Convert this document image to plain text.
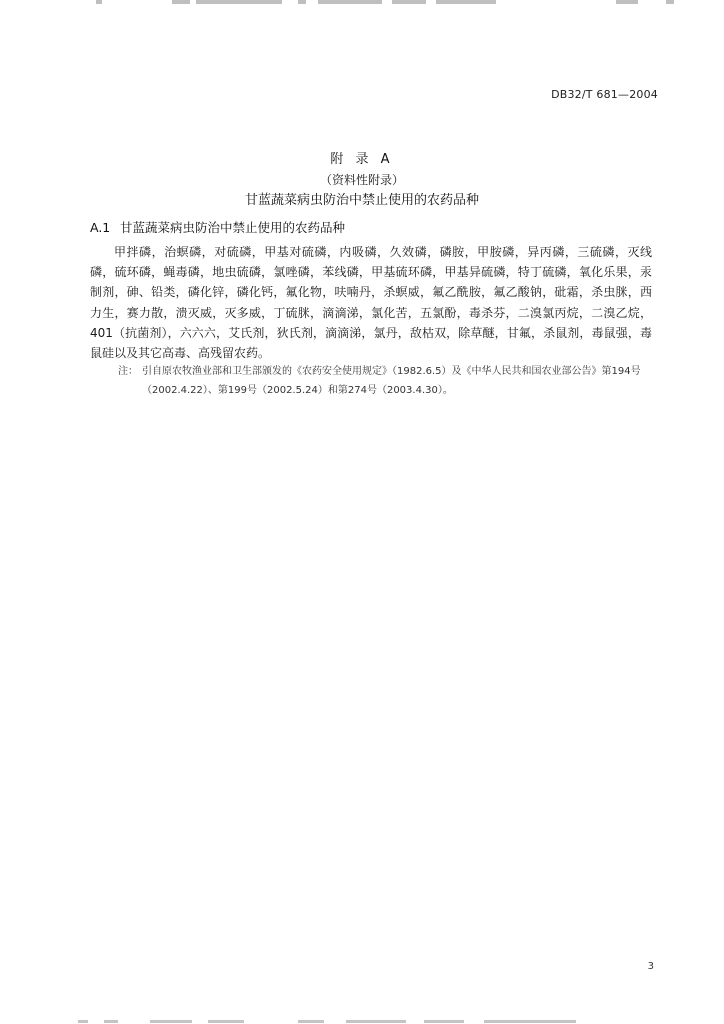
DB32/T 681—2004
附 录 A
（资料性附录）
甘蓝蔬菜病虫防治中禁止使用的农药品种
A.1 甘蓝蔬菜病虫防治中禁止使用的农药品种

甲拌磷，治螟磷，对硫磷，甲基对硫磷，内吸磷，久效磷，磷胺，甲胺磷，异丙磷，三硫磷，灭线磷，硫环磷，蝇毒磷，地虫硫磷，氯唑磷，苯线磷，甲基硫环磷，甲基异硫磷，特丁硫磷，氧化乐果，汞制剂，砷、铅类，磷化锌，磷化钙，氟化物，呋喃丹，杀螟威，氟乙酰胺，氟乙酸钠，砒霜，杀虫脒，西力生，赛力散，溃灭威，灭多威，丁硫脒，滴滴涕，氯化苦，五氯酚，毒杀芬，二溴氯丙烷，二溴乙烷，401（抗菌剂），六六六，艾氏剂，狄氏剂，滴滴涕，氯丹，敌枯双，除草醚，甘氟，杀鼠剂，毒鼠强，毒鼠硅以及其它高毒、高残留农药。

注： 引自原农牧渔业部和卫生部颁发的《农药安全使用规定》（1982.6.5）及《中华人民共和国农业部公告》第194号（2002.4.22）、第199号（2002.5.24）和第274号（2003.4.30）。
3
